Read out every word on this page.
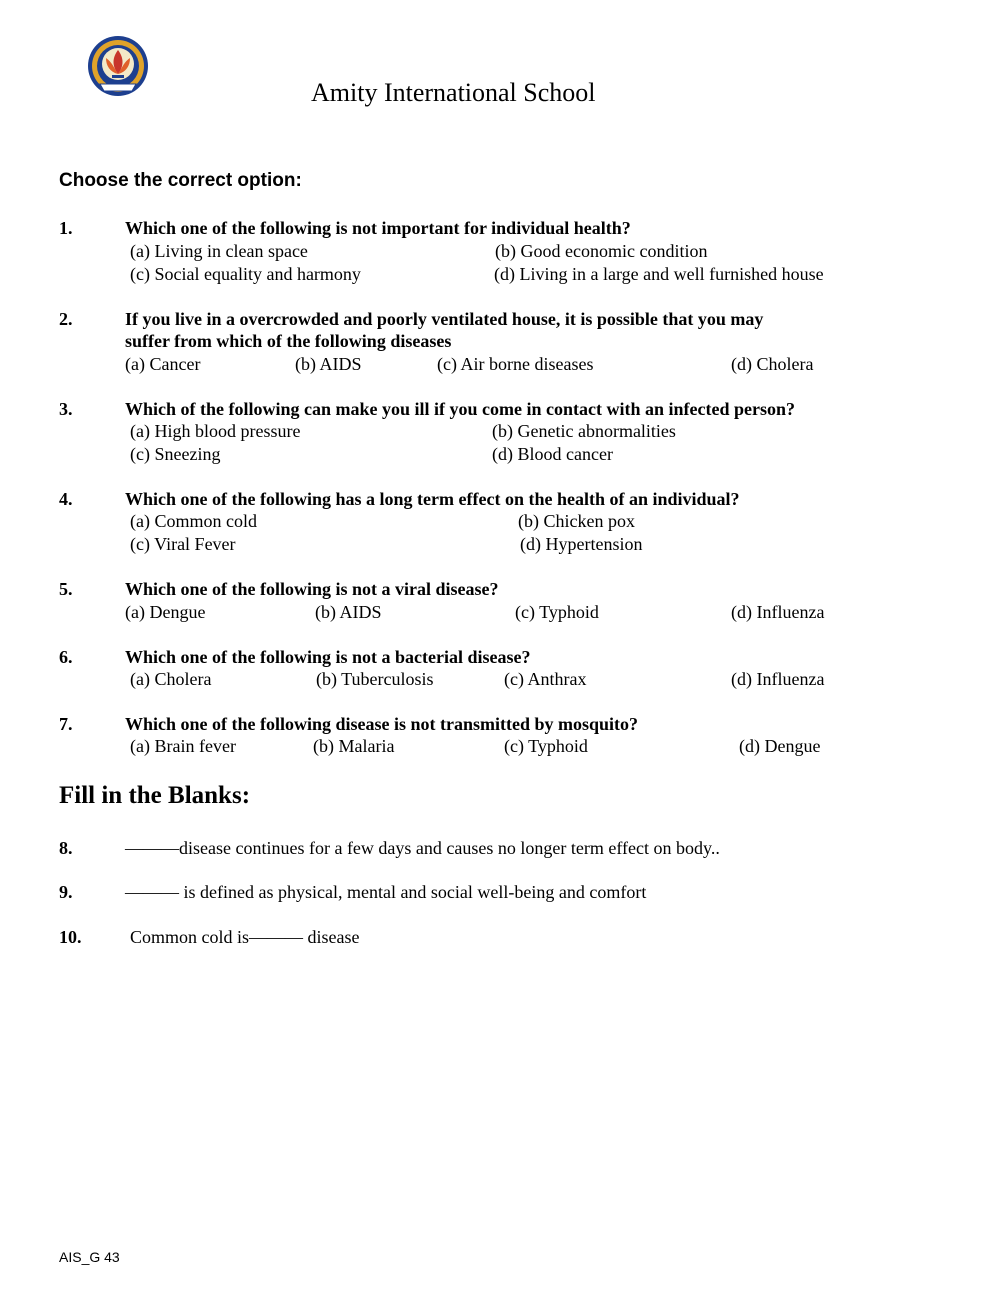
Amity International School
Choose the correct option:
1.	Which one of the following is not important for individual health?
(a) Living in clean space	(b) Good economic condition
(c) Social equality and harmony	(d) Living in a large and well furnished house
2.	If you live in a overcrowded and poorly ventilated house, it is possible that you may
suffer from which of the following diseases
(a) Cancer	(b) AIDS	(c) Air borne diseases	(d) Cholera
3.	Which of the following can make you ill if you come in contact with an infected person?
(a) High blood pressure	(b) Genetic abnormalities
(c) Sneezing	(d) Blood cancer
4.	Which one of the following has a long term effect on the health of an individual?
(a) Common cold	(b) Chicken pox
(c) Viral Fever	(d) Hypertension
5.	Which one of the following is not a viral disease?
(a) Dengue	(b) AIDS	(c) Typhoid	(d) Influenza
6.	Which one of the following is not a bacterial disease?
(a) Cholera	(b) Tuberculosis	(c) Anthrax	(d) Influenza
7.	Which one of the following disease is not transmitted by mosquito?
(a) Brain fever	(b) Malaria	(c) Typhoid	(d) Dengue
Fill in the Blanks:
8.	———disease continues for a few days and causes no longer term effect on body..
9.	——— is defined as physical, mental and social well-being and comfort
10.	Common cold is——— disease
AIS_G 43
